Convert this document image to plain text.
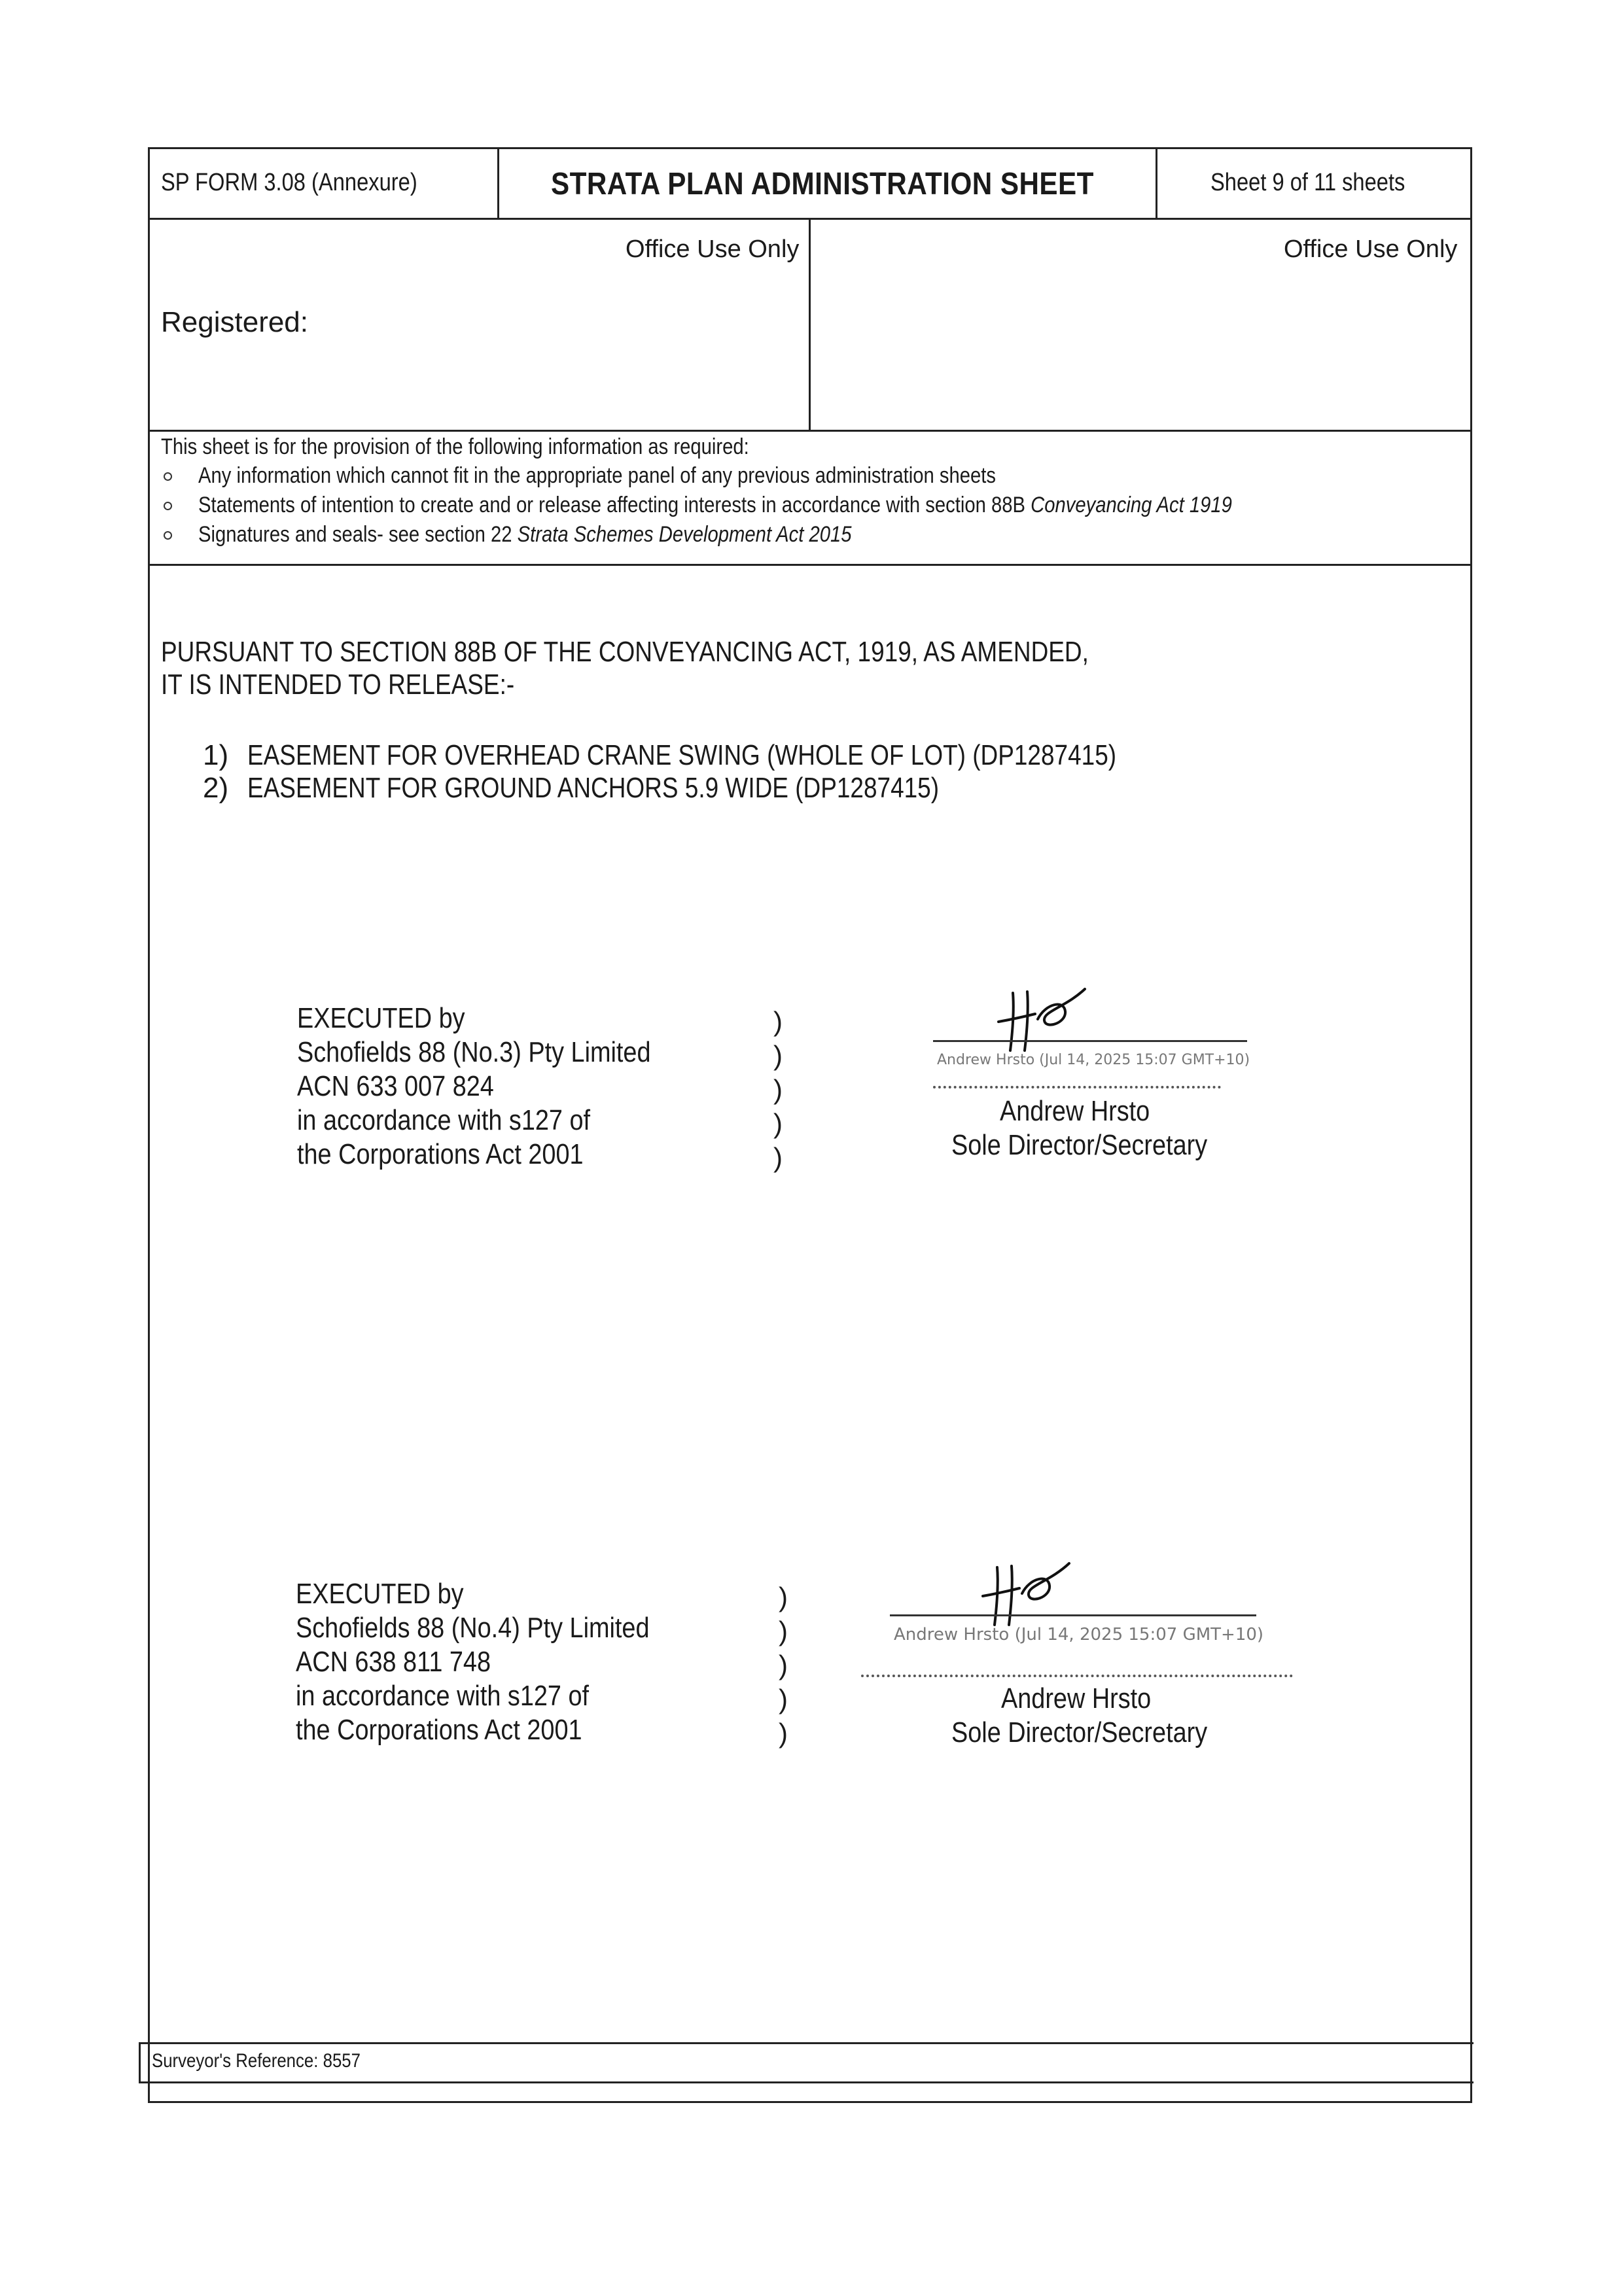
SP FORM 3.08 (Annexure)	STRATA PLAN ADMINISTRATION SHEET	Sheet 9 of 11 sheets
Office Use Only	Office Use Only
Registered:
This sheet is for the provision of the following information as required:
Any information which cannot fit in the appropriate panel of any previous administration sheets
Statements of intention to create and or release affecting interests in accordance with section 88B Conveyancing Act 1919
Signatures and seals- see section 22 Strata Schemes Development Act 2015
PURSUANT TO SECTION 88B OF THE CONVEYANCING ACT, 1919, AS AMENDED,
IT IS INTENDED TO RELEASE:-
1) EASEMENT FOR OVERHEAD CRANE SWING (WHOLE OF LOT) (DP1287415)
2) EASEMENT FOR GROUND ANCHORS 5.9 WIDE (DP1287415)
EXECUTED by
Schofields 88 (No.3) Pty Limited
ACN 633 007 824
in accordance with s127 of
the Corporations Act 2001
)
)
)
)
)
Andrew Hrsto (Jul 14, 2025 15:07 GMT+10)
Andrew Hrsto
Sole Director/Secretary
EXECUTED by
Schofields 88 (No.4) Pty Limited
ACN 638 811 748
in accordance with s127 of
the Corporations Act 2001
)
)
)
)
)
Andrew Hrsto (Jul 14, 2025 15:07 GMT+10)
Andrew Hrsto
Sole Director/Secretary
Surveyor's Reference: 8557
